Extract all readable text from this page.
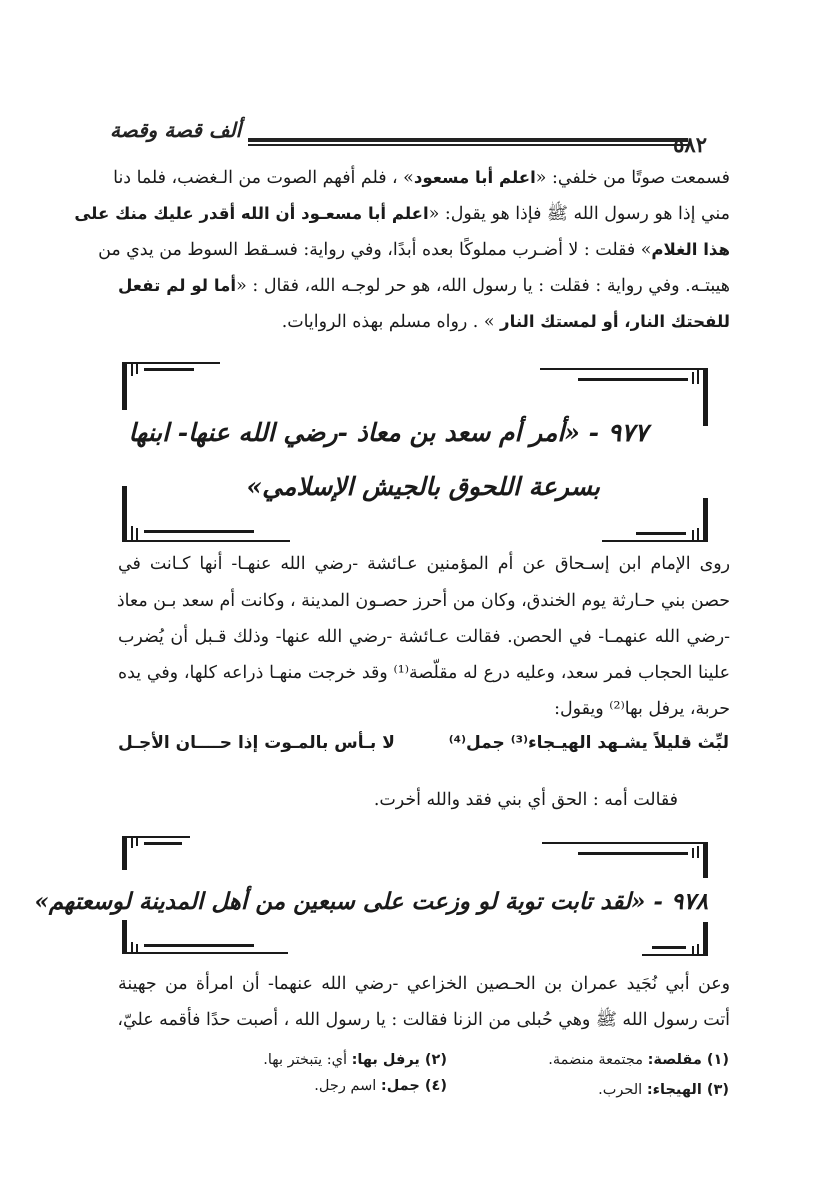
ألف قصة وقصة
٥٨٢
فسمعت صوتًا من خلفي: «اعلم أبا مسعود» ، فلم أفهم الصوت من الـغضب، فلما دنا
مني إذا هو رسول الله ﷺ فإذا هو يقول: «اعلم أبا مسعـود أن الله أقدر عليك منك على
هذا الغلام» فقلت : لا أضـرب مملوكًا بعده أبدًا، وفي رواية: فسـقط السوط من يدي من
هيبتـه. وفي رواية : فقلت : يا رسول الله، هو حر لوجـه الله، فقال : «أما لو لم تفعل
للفحتك النار، أو لمستك النار » . رواه مسلم بهذه الروايات.
٩٧٧ - «أمر أم سعد بن معاذ -رضي الله عنها- ابنها
بسرعة اللحوق بالجيش الإسلامي»
روى الإمام ابن إسـحاق عن أم المؤمنين عـائشة -رضي الله عنهـا- أنها كـانت في
حصن بني حـارثة يوم الخندق، وكان من أحرز حصـون المدينة ، وكانت أم سعد بـن معاذ
-رضي الله عنهمـا- في الحصن. فقالت عـائشة -رضي الله عنها- وذلك قـبل أن يُضرب
علينا الحجاب فمر سعد، وعليه درع له مقلّصة⁽¹⁾ وقد خرجت منهـا ذراعه كلها، وفي يده
حربة، يرفل بها⁽²⁾ ويقول:
لبِّث قليلاً يشـهد الهيـجاء⁽³⁾ جمل⁽⁴⁾
لا بـأس بالمـوت إذا حــــان الأجـل
فقالت أمه : الحق أي بني فقد والله أخرت.
٩٧٨ - «لقد تابت توبة لو وزعت على سبعين من أهل المدينة لوسعتهم»
وعن أبي نُجَيد عمران بن الحـصين الخزاعي -رضي الله عنهما- أن امرأة من جهينة
أتت رسول الله ﷺ وهي حُبلى من الزنا فقالت : يا رسول الله ، أصبت حدًا فأقمه عليّ،
(١) مقلصة: مجتمعة منضمة.
(٢) يرفل بها: أي: يتبختر بها.
(٣) الهيجاء: الحرب.
(٤) جمل: اسم رجل.
